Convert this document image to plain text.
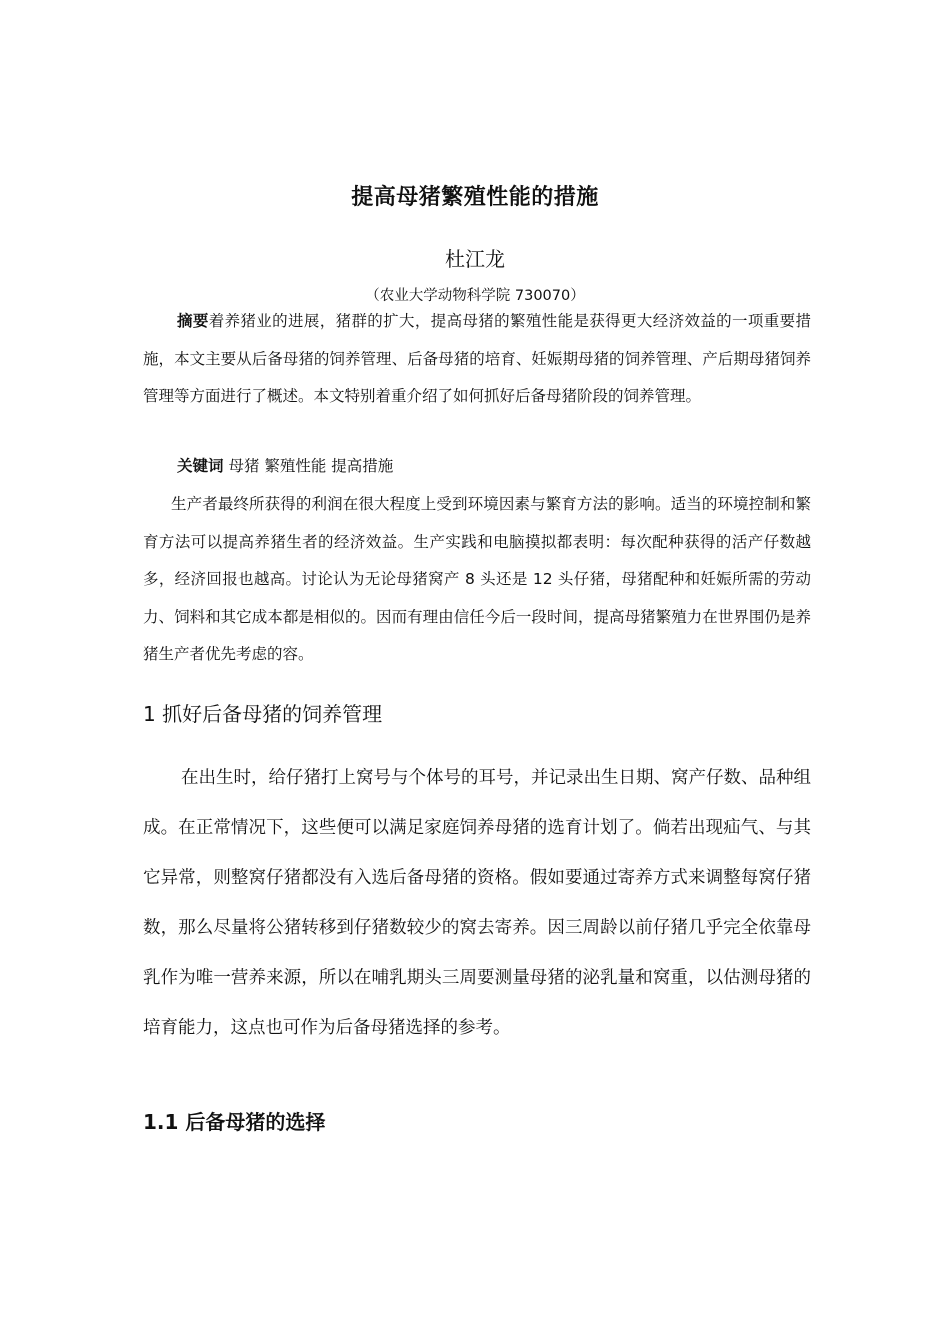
提高母猪繁殖性能的措施
杜江龙
（农业大学动物科学院 730070）
摘要着养猪业的进展，猪群的扩大，提高母猪的繁殖性能是获得更大经济效益的一项重要措施，本文主要从后备母猪的饲养管理、后备母猪的培育、妊娠期母猪的饲养管理、产后期母猪饲养管理等方面进行了概述。本文特别着重介绍了如何抓好后备母猪阶段的饲养管理。
关键词 母猪 繁殖性能 提高措施
生产者最终所获得的利润在很大程度上受到环境因素与繁育方法的影响。适当的环境控制和繁育方法可以提高养猪生者的经济效益。生产实践和电脑摸拟都表明：每次配种获得的活产仔数越多，经济回报也越高。讨论认为无论母猪窝产 8 头还是 12 头仔猪，母猪配种和妊娠所需的劳动力、饲料和其它成本都是相似的。因而有理由信任今后一段时间，提高母猪繁殖力在世界围仍是养猪生产者优先考虑的容。
1 抓好后备母猪的饲养管理
在出生时，给仔猪打上窝号与个体号的耳号，并记录出生日期、窝产仔数、品种组成。在正常情况下，这些便可以满足家庭饲养母猪的选育计划了。倘若出现疝气、与其它异常，则整窝仔猪都没有入选后备母猪的资格。假如要通过寄养方式来调整每窝仔猪数，那么尽量将公猪转移到仔猪数较少的窝去寄养。因三周龄以前仔猪几乎完全依靠母乳作为唯一营养来源，所以在哺乳期头三周要测量母猪的泌乳量和窝重，以估测母猪的培育能力，这点也可作为后备母猪选择的参考。
1.1 后备母猪的选择
